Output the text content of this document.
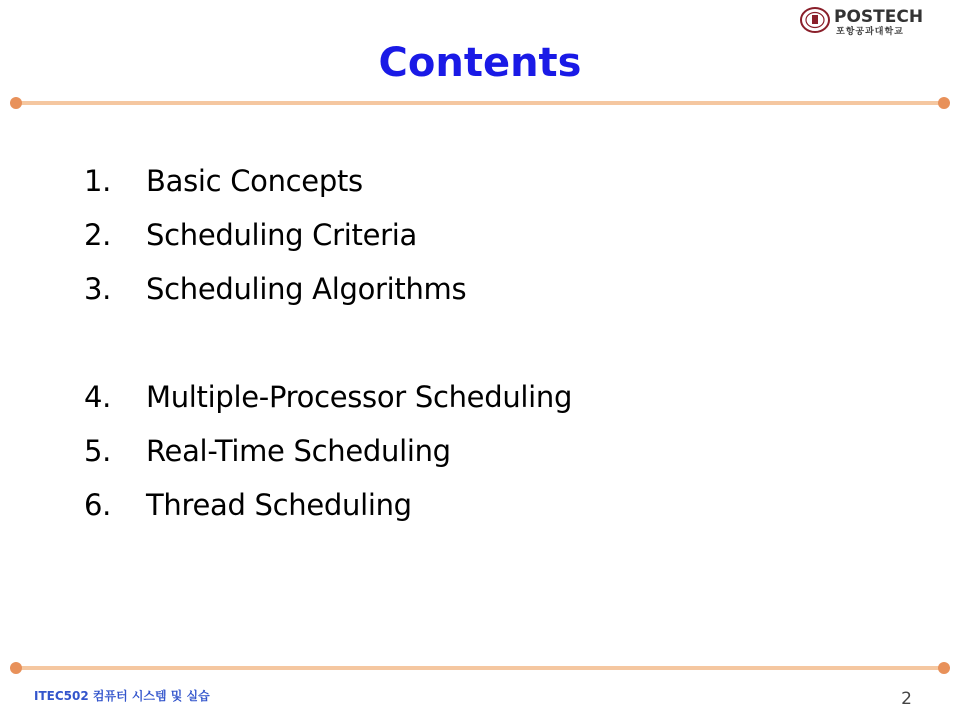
POSTECH
포항공과대학교
Contents
1.	Basic Concepts
2.	Scheduling Criteria
3.	Scheduling Algorithms
4.	Multiple-Processor Scheduling
5.	Real-Time Scheduling
6.	Thread Scheduling
ITEC502 컴퓨터 시스템 및 실습	2
